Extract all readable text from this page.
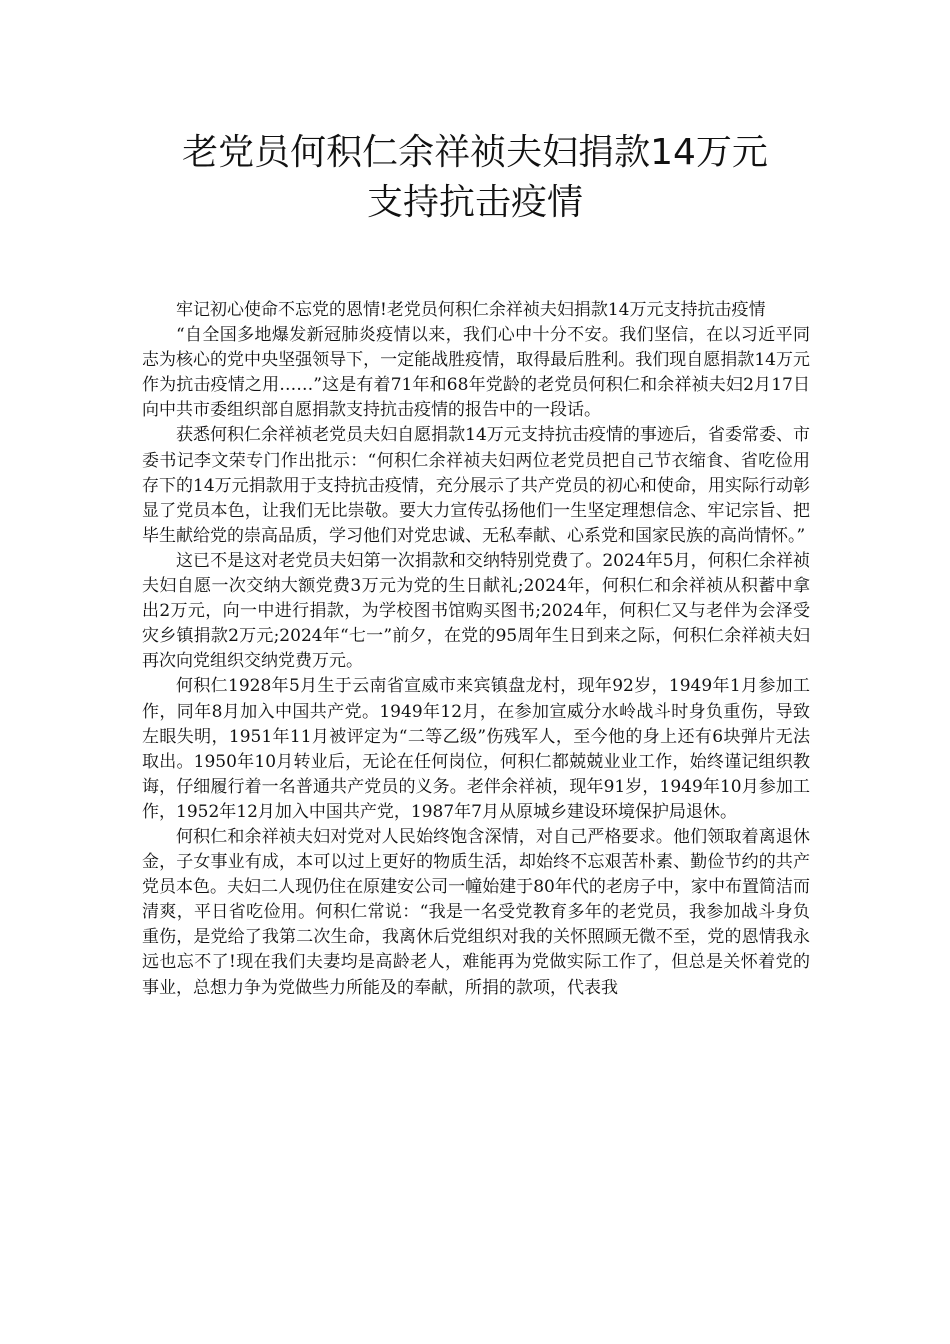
老党员何积仁余祥祯夫妇捐款14万元
支持抗击疫情

牢记初心使命不忘党的恩情!老党员何积仁余祥祯夫妇捐款14万元支持抗击疫情

“自全国多地爆发新冠肺炎疫情以来，我们心中十分不安。我们坚信，在以习近平同志为核心的党中央坚强领导下，一定能战胜疫情，取得最后胜利。我们现自愿捐款14万元作为抗击疫情之用……”这是有着71年和68年党龄的老党员何积仁和余祥祯夫妇2月17日向中共市委组织部自愿捐款支持抗击疫情的报告中的一段话。

获悉何积仁余祥祯老党员夫妇自愿捐款14万元支持抗击疫情的事迹后，省委常委、市委书记李文荣专门作出批示：“何积仁余祥祯夫妇两位老党员把自己节衣缩食、省吃俭用存下的14万元捐款用于支持抗击疫情，充分展示了共产党员的初心和使命，用实际行动彰显了党员本色，让我们无比崇敬。要大力宣传弘扬他们一生坚定理想信念、牢记宗旨、把毕生献给党的崇高品质，学习他们对党忠诚、无私奉献、心系党和国家民族的高尚情怀。”

这已不是这对老党员夫妇第一次捐款和交纳特别党费了。2024年5月，何积仁余祥祯夫妇自愿一次交纳大额党费3万元为党的生日献礼;2024年，何积仁和余祥祯从积蓄中拿出2万元，向一中进行捐款，为学校图书馆购买图书;2024年，何积仁又与老伴为会泽受灾乡镇捐款2万元;2024年“七一”前夕，在党的95周年生日到来之际，何积仁余祥祯夫妇再次向党组织交纳党费万元。

何积仁1928年5月生于云南省宣威市来宾镇盘龙村，现年92岁，1949年1月参加工作，同年8月加入中国共产党。1949年12月，在参加宣威分水岭战斗时身负重伤，导致左眼失明，1951年11月被评定为“二等乙级”伤残军人，至今他的身上还有6块弹片无法取出。1950年10月转业后，无论在任何岗位，何积仁都兢兢业业工作，始终谨记组织教诲，仔细履行着一名普通共产党员的义务。老伴余祥祯，现年91岁，1949年10月参加工作，1952年12月加入中国共产党，1987年7月从原城乡建设环境保护局退休。

何积仁和余祥祯夫妇对党对人民始终饱含深情，对自己严格要求。他们领取着离退休金，子女事业有成，本可以过上更好的物质生活，却始终不忘艰苦朴素、勤俭节约的共产党员本色。夫妇二人现仍住在原建安公司一幢始建于80年代的老房子中，家中布置简洁而清爽，平日省吃俭用。何积仁常说：“我是一名受党教育多年的老党员，我参加战斗身负重伤，是党给了我第二次生命，我离休后党组织对我的关怀照顾无微不至，党的恩情我永远也忘不了!现在我们夫妻均是高龄老人，难能再为党做实际工作了，但总是关怀着党的事业，总想力争为党做些力所能及的奉献，所捐的款项，代表我
